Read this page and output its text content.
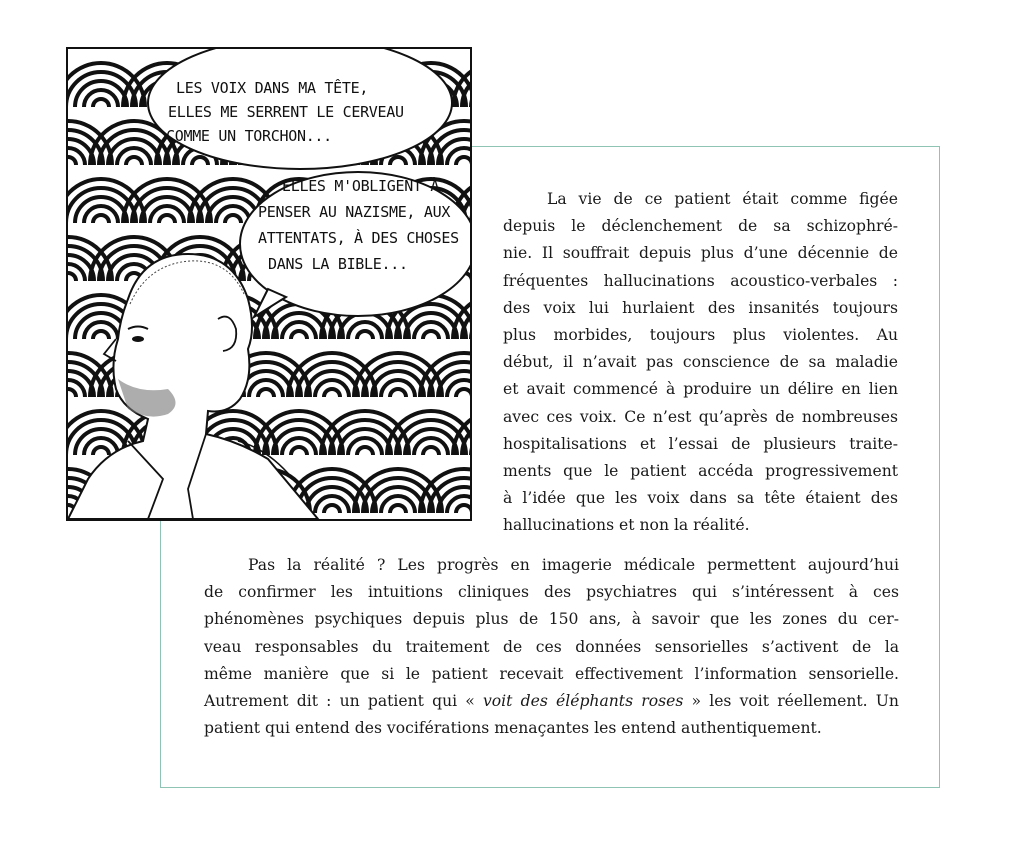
LES VOIX DANS MA TÊTE,
ELLES ME SERRENT LE CERVEAU
COMME UN TORCHON...
ELLES M'OBLIGENT À
PENSER AU NAZISME, AUX
ATTENTATS, À DES CHOSES
DANS LA BIBLE...
La vie de ce patient était comme figée
depuis le déclenchement de sa schizophré-
nie. Il souffrait depuis plus d’une décennie de
fréquentes hallucinations acoustico-verbales :
des voix lui hurlaient des insanités toujours
plus morbides, toujours plus violentes. Au
début, il n’avait pas conscience de sa maladie
et avait commencé à produire un délire en lien
avec ces voix. Ce n’est qu’après de nombreuses
hospitalisations et l’essai de plusieurs traite-
ments que le patient accéda progressivement
à l’idée que les voix dans sa tête étaient des
hallucinations et non la réalité.
Pas la réalité ? Les progrès en imagerie médicale permettent aujourd’hui
de confirmer les intuitions cliniques des psychiatres qui s’intéressent à ces
phénomènes psychiques depuis plus de 150 ans, à savoir que les zones du cer-
veau responsables du traitement de ces données sensorielles s’activent de la
même manière que si le patient recevait effectivement l’information sensorielle.
Autrement dit : un patient qui « voit des éléphants roses » les voit réellement. Un
patient qui entend des vociférations menaçantes les entend authentiquement.
